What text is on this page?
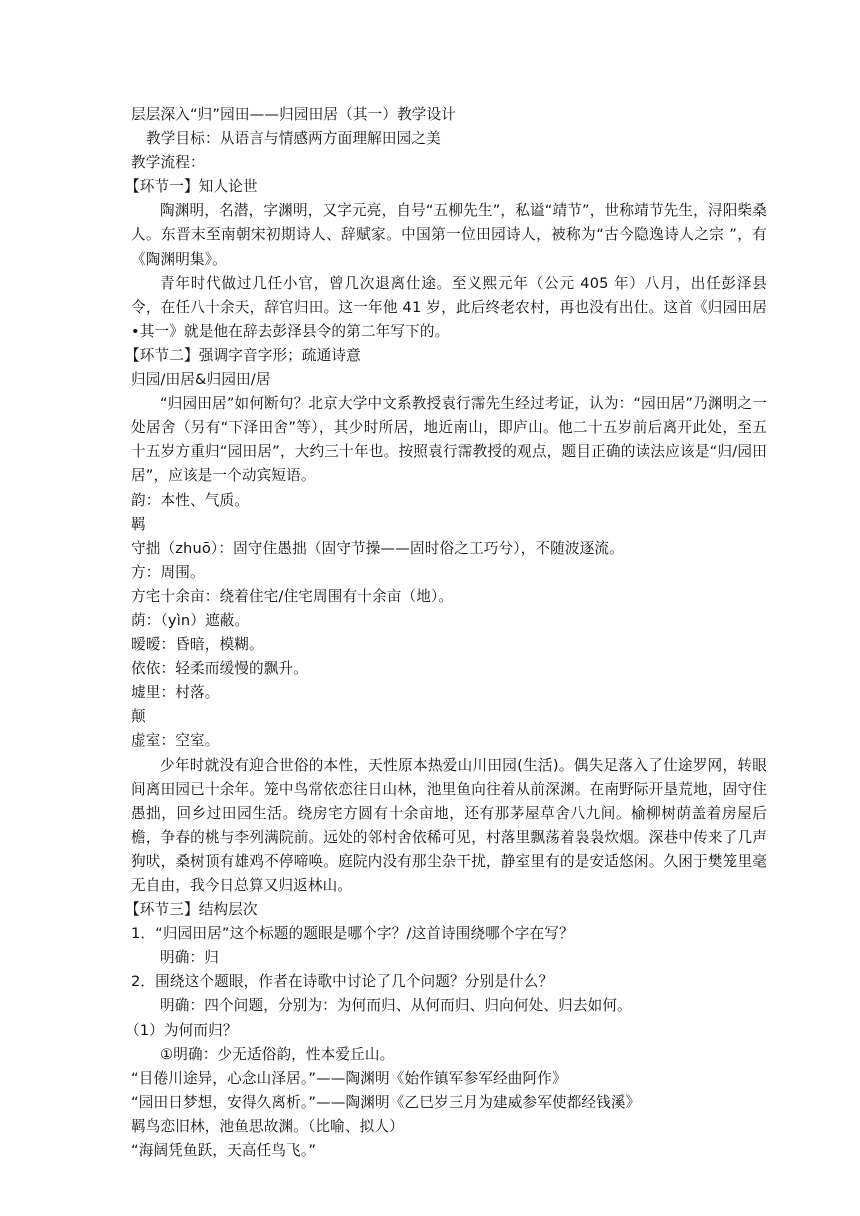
层层深入“归”园田——归园田居（其一）教学设计
教学目标：从语言与情感两方面理解田园之美
教学流程：
【环节一】知人论世
陶渊明，名潜，字渊明，又字元亮，自号“五柳先生”，私谥“靖节”，世称靖节先生，浔阳柴桑人。东晋末至南朝宋初期诗人、辞赋家。中国第一位田园诗人，被称为“古今隐逸诗人之宗 ”，有《陶渊明集》。
青年时代做过几任小官，曾几次退离仕途。至义熙元年（公元 405 年）八月，出任彭泽县令，在任八十余天，辞官归田。这一年他 41 岁，此后终老农村，再也没有出仕。这首《归园田居•其一》就是他在辞去彭泽县令的第二年写下的。
【环节二】强调字音字形；疏通诗意
归园/田居&归园田/居
“归园田居”如何断句？北京大学中文系教授袁行霈先生经过考证，认为：“园田居”乃渊明之一处居舍（另有“下泽田舍”等），其少时所居，地近南山，即庐山。他二十五岁前后离开此处，至五十五岁方重归“园田居”，大约三十年也。按照袁行霈教授的观点，题目正确的读法应该是“归/园田居”，应该是一个动宾短语。
韵：本性、气质。
羁
守拙（zhuō）：固守住愚拙（固守节操——固时俗之工巧兮），不随波逐流。
方：周围。
方宅十余亩：绕着住宅/住宅周围有十余亩（地）。
荫：（yìn）遮蔽。
暧暧：昏暗，模糊。
依依：轻柔而缓慢的飘升。
墟里：村落。
颠
虚室：空室。
少年时就没有迎合世俗的本性，天性原本热爱山川田园(生活)。偶失足落入了仕途罗网，转眼间离田园已十余年。笼中鸟常依恋往日山林，池里鱼向往着从前深渊。在南野际开垦荒地，固守住愚拙，回乡过田园生活。绕房宅方圆有十余亩地，还有那茅屋草舍八九间。榆柳树荫盖着房屋后檐，争春的桃与李列满院前。远处的邻村舍依稀可见，村落里飘荡着袅袅炊烟。深巷中传来了几声狗吠，桑树顶有雄鸡不停啼唤。庭院内没有那尘杂干扰，静室里有的是安适悠闲。久困于樊笼里毫无自由，我今日总算又归返林山。
【环节三】结构层次
1．“归园田居”这个标题的题眼是哪个字？/这首诗围绕哪个字在写？
明确：归
2．围绕这个题眼，作者在诗歌中讨论了几个问题？分别是什么？
明确：四个问题，分别为：为何而归、从何而归、归向何处、归去如何。
（1）为何而归？
①明确：少无适俗韵，性本爱丘山。
“目倦川途异，心念山泽居。”——陶渊明《始作镇军参军经曲阿作》
“园田日梦想，安得久离析。”——陶渊明《乙巳岁三月为建威参军使都经钱溪》
羁鸟恋旧林，池鱼思故渊。（比喻、拟人）
“海阔凭鱼跃，天高任鸟飞。”
